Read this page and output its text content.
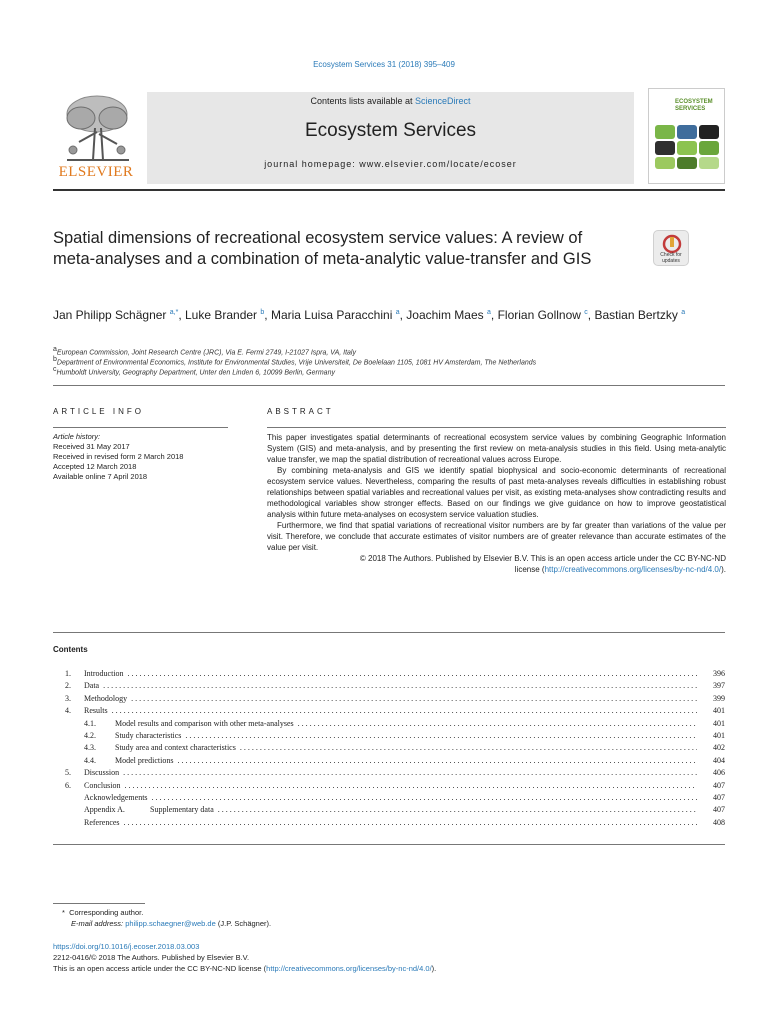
Ecosystem Services 31 (2018) 395–409
ELSEVIER
Contents lists available at ScienceDirect
Ecosystem Services
journal homepage: www.elsevier.com/locate/ecoser
ECOSYSTEM
SERVICES
Spatial dimensions of recreational ecosystem service values: A review of meta-analyses and a combination of meta-analytic value-transfer and GIS	Check for
updates
Jan Philipp Schägner $^{a,*}$, Luke Brander $^b$, Maria Luisa Paracchini $^a$, Joachim Maes $^a$, Florian Gollnow $^c$, Bastian Bertzky $^a$
$^a$European Commission, Joint Research Centre (JRC), Via E. Fermi 2749, I-21027 Ispra, VA, Italy
$^b$Department of Environmental Economics, Institute for Environmental Studies, Vrije Universiteit, De Boelelaan 1105, 1081 HV Amsterdam, The Netherlands
$^c$Humboldt University, Geography Department, Unter den Linden 6, 10099 Berlin, Germany
ARTICLE INFO	ABSTRACT
Article history:
Received 31 May 2017
Received in revised form 2 March 2018
Accepted 12 March 2018
Available online 7 April 2018

This paper investigates spatial determinants of recreational ecosystem service values by combining Geographic Information System (GIS) and meta-analysis, and by presenting the first review on meta-analysis studies in this field. Using meta-analytic value transfer, we map the spatial distribution of recreational values across Europe.

By combining meta-analysis and GIS we identify spatial biophysical and socio-economic determinants of recreational ecosystem service values. Nevertheless, comparing the results of past meta-analyses reveals difficulties in establishing robust relationships between spatial variables and recreational values per visit, as existing meta-analyses show contradicting results and methodological variables show stronger effects. Based on our findings we give guidance on how to improve geostatistical analysis within future meta-analyses on ecosystem service valuation studies.

Furthermore, we find that spatial variations of recreational visitor numbers are by far greater than variations of the value per visit. Therefore, we conclude that accurate estimates of visitor numbers are of greater relevance than accurate estimates of the value per visit.

© 2018 The Authors. Published by Elsevier B.V. This is an open access article under the CC BY-NC-ND
license (http://creativecommons.org/licenses/by-nc-nd/4.0/).
Contents
1. Introduction . . .	396
2. Data . . .	397
3. Methodology . . .	399
4. Results . . .	401
4.1. Model results and comparison with other meta-analyses . . .	401
4.2. Study characteristics . . .	401
4.3. Study area and context characteristics . . .	402
4.4. Model predictions . . .	404
5. Discussion . . .	406
6. Conclusion . . .	407
Acknowledgements . . .	407
Appendix A.	Supplementary data . . .	407
References . . .	408
* Corresponding author.
E-mail address: philipp.schaegner@web.de (J.P. Schägner).
https://doi.org/10.1016/j.ecoser.2018.03.003
2212-0416/© 2018 The Authors. Published by Elsevier B.V.
This is an open access article under the CC BY-NC-ND license (http://creativecommons.org/licenses/by-nc-nd/4.0/).
